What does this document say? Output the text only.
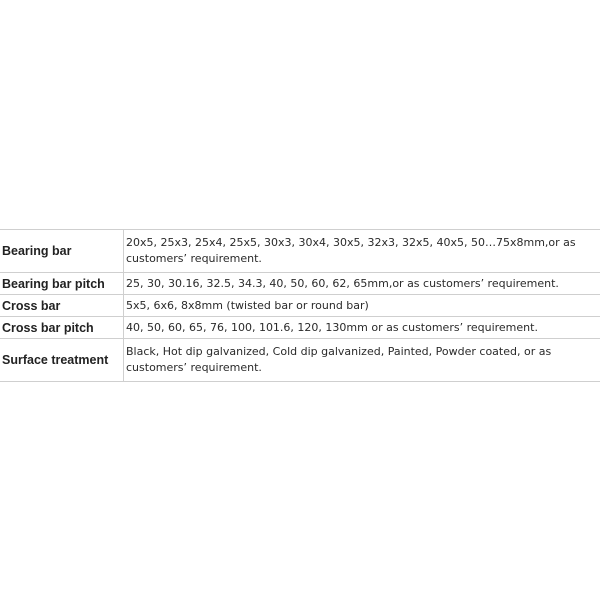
Bearing bar	20x5, 25x3, 25x4, 25x5, 30x3, 30x4, 30x5, 32x3, 32x5, 40x5, 50…75x8mm,or as customers’ requirement.
Bearing bar pitch	25, 30, 30.16, 32.5, 34.3, 40, 50, 60, 62, 65mm,or as customers’ requirement.
Cross bar	5x5, 6x6, 8x8mm (twisted bar or round bar)
Cross bar pitch	40, 50, 60, 65, 76, 100, 101.6, 120, 130mm or as customers’ requirement.
Surface treatment	Black, Hot dip galvanized, Cold dip galvanized, Painted, Powder coated, or as customers’ requirement.
